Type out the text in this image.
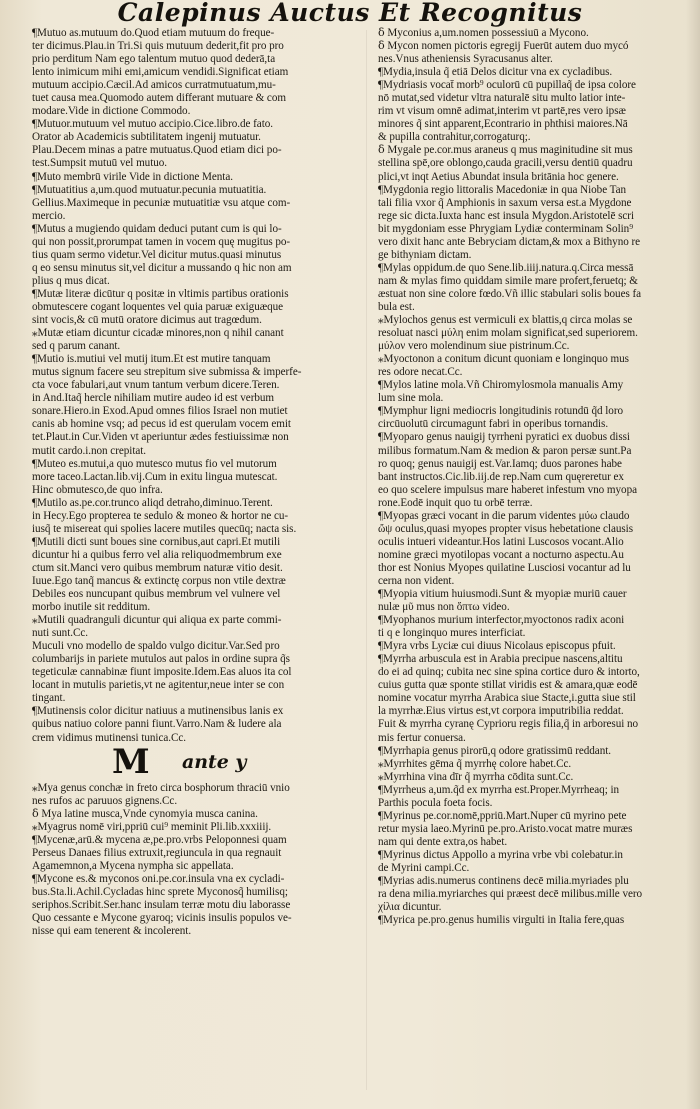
Calepinus Auctus Et Recognitus
¶Mutuo as.mutuum do.Quod etiam mutuum do freque-
ter dicimus.Plau.in Tri.Si quis mutuum dederit,fit pro pro
prio perditum Nam ego talentum mutuo quod dederā,ta
lento inimicum mihi emi,amicum vendidi.Significat etiam
mutuum accipio.Cæcil.Ad amicos curratmutuatum,mu-
tuet causa mea.Quomodo autem differant mutuare & com
modare.Vide in dictione Commodo.
¶Mutuor.mutuum vel mutuo accipio.Cice.libro.de fato.
Orator ab Academicis subtilitatem ingenij mutuatur.
Plau.Decem minas a patre mutuatus.Quod etiam dici po-
test.Sumpsit mutuū vel mutuo.
¶Muto membrū virile Vide in dictione Menta.
¶Mutuatitius a,um.quod mutuatur.pecunia mutuatitia.
Gellius.Maximeque in pecuniæ mutuatitiæ vsu atque com-
mercio.
¶Mutus a mugiendo quidam deduci putant cum is qui lo-
qui non possit,prorumpat tamen in vocem quę mugitus po-
tius quam sermo videtur.Vel dicitur mutus.quasi minutus
q eo sensu minutus sit,vel dicitur a mussando q hic non am
plius q mus dicat.
¶Mutæ literæ dicūtur q positæ in vltimis partibus orationis
obmutescere cogant loquentes vel quia paruæ exiguæque
sint vocis,& cū mutū oratore dicimus aut tragœdum.
⁎Mutæ etiam dicuntur cicadæ minores,non q nihil canant
sed q parum canant.
¶Mutio is.mutiui vel mutij itum.Et est mutire tanquam
mutus signum facere seu strepitum sive submissa & imperfe-
cta voce fabulari,aut vnum tantum verbum dicere.Teren.
in And.Itaq̃ hercle nihiliam mutire audeo id est verbum
sonare.Hiero.in Exod.Apud omnes filios Israel non mutiet
canis ab homine vsq; ad pecus id est querulam vocem emit
tet.Plaut.in Cur.Viden vt aperiuntur ædes festiuissimæ non
mutit cardo.i.non crepitat.
¶Muteo es.mutui,a quo mutesco mutus fio vel mutorum
more taceo.Lactan.lib.vij.Cum in exitu lingua mutescat.
Hinc obmutesco,de quo infra.
¶Mutilo as.pe.cor.trunco aliqd detraho,diminuo.Terent.
in Hecy.Ego propterea te sedulo & moneo & hortor ne cu-
iusq̃ te misereat qui spolies lacere mutiles quecūq; nacta sis.
¶Mutili dicti sunt boues sine cornibus,aut capri.Et mutili
dicuntur hi a quibus ferro vel alia reliquodmembrum exe
ctum sit.Manci vero quibus membrum naturæ vitio desit.
Iuue.Ego tanq̃ mancus & extinctę corpus non vtile dextræ
Debiles eos nuncupant quibus membrum vel vulnere vel
morbo inutile sit redditum.
⁎Mutili quadranguli dicuntur qui aliqua ex parte commi-
nuti sunt.Cc.
Muculi vno modello de spaldo vulgo dicitur.Var.Sed pro
columbarijs in pariete mutulos aut palos in ordine supra q̃s
tegeticulæ cannabinæ fiunt imposite.Idem.Eas aluos ita col
locant in mutulis parietis,vt ne agitentur,neue inter se con
tingant.
¶Mutinensis color dicitur natiuus a mutinensibus lanis ex
quibus natiuo colore panni fiunt.Varro.Nam & ludere ala
crem vidimus mutinensi tunica.Cc.
M ante y
⁎Mya genus conchæ in freto circa bosphorum thraciū vnio
nes rufos ac paruuos gignens.Cc.
ẟ Mya latine musca,Vnde cynomyia musca canina.
⁎Myagrus nomē viri,ppriū cui⁹ meminit Pli.lib.xxxiiij.
¶Mycenæ,arū.& mycena æ,pe.pro.vrbs Peloponnesi quam
Perseus Danaes filius extruxit,regiuncula in qua regnauit
Agamemnon,a Mycena nympha sic appellata.
¶Mycone es.& myconos oni.pe.cor.insula vna ex cycladi-
bus.Sta.li.Achil.Cycladas hinc sprete Myconosq̃ humilisq;
seriphos.Scribit.Ser.hanc insulam terræ motu diu laborasse
Quo cessante e Mycone gyaroq; vicinis insulis populos ve-
nisse qui eam tenerent & incolerent.
ẟ Myconius a,um.nomen possessiuū a Mycono.
ẟ Mycon nomen pictoris egregij Fuerūt autem duo mycó
nes.Vnus atheniensis Syracusanus alter.
¶Mydia,insula q̃ etiā Delos dicitur vna ex cycladibus.
¶Mydriasis vocat̄ morb⁹ oculorū cū pupillaq̃ de ipsa colore
nō mutat,sed videtur vltra naturalē situ multo latior inte-
rim vt visum omnē adimat,interim vt partē,res vero ipsæ
minores q̃ sint apparent,Econtrario in phthisi maiores.Nā
& pupilla contrahitur,corrogaturq;.
ẟ Mygale pe.cor.mus araneus q mus maginitudine sit mus
stellina spē,ore oblongo,cauda gracili,versu dentiū quadru
plici,vt inqt Aetius Abundat insula britānia hoc genere.
¶Mygdonia regio littoralis Macedoniæ in qua Niobe Tan
tali filia vxor q̃ Amphionis in saxum versa est.a Mygdone
rege sic dicta.Iuxta hanc est insula Mygdon.Aristotelē scri
bit mygdoniam esse Phrygiam Lydiæ conterminam Solin⁹
vero dixit hanc ante Bebryciam dictam,& mox a Bithyno re
ge bithyniam dictam.
¶Mylas oppidum.de quo Sene.lib.iiij.natura.q.Circa messā
nam & mylas fimo quiddam simile mare profert,feruetq; &
æstuat non sine colore fœdo.Vñ illic stabulari solis boues fa
bula est.
⁎Mylochos genus est vermiculi ex blattis,q circa molas se
resoluat nasci μύλη enim molam significat,sed superiorem.
μύλον vero molendinum siue pistrinum.Cc.
⁎Myoctonon a conitum dicunt quoniam e longinquo mus
res odore necat.Cc.
¶Mylos latine mola.Vñ Chiromylosmola manualis Amy
lum sine mola.
¶Mymphur ligni mediocris longitudinis rotundū q̃d loro
circūuolutū circumagunt fabri in operibus tornandis.
¶Myoparo genus nauigij tyrrheni pyratici ex duobus dissi
milibus formatum.Nam & medion & paron persæ sunt.Pa
ro quoq; genus nauigij est.Var.Iamq; duos parones habe
bant instructos.Cic.lib.iij.de rep.Nam cum quęreretur ex
eo quo scelere impulsus mare haberet infestum vno myopa
rone.Eodē inquit quo tu orbē terræ.
¶Myopas græci vocant in die parum videntes μύω claudo
ὤψ oculus,quasi myopes propter visus hebetatione clausis
oculis intueri videantur.Hos latini Luscosos vocant.Alio
nomine græci myotilopas vocant a nocturno aspectu.Au
thor est Nonius Myopes quilatine Lusciosi vocantur ad lu
cerna non vident.
¶Myopia vitium huiusmodi.Sunt & myopiæ muriū cauer
nulæ μῦ mus non ὄπτω video.
¶Myophanos murium interfector,myoctonos radix aconi
ti q e longinquo mures interficiat.
¶Myra vrbs Lyciæ cui diuus Nicolaus episcopus pfuit.
¶Myrrha arbuscula est in Arabia precipue nascens,altitu
do ei ad quinq; cubita nec sine spina cortice duro & intorto,
cuius gutta quæ sponte stillat viridis est & amara,quæ eodē
nomine vocatur myrrha Arabica siue Stacte,i.gutta siue stil
la myrrhæ.Eius virtus est,vt corpora imputribilia reddat.
Fuit & myrrha cyranę Cyprioru regis filia,q̃ in arboresui no
mis fertur conuersa.
¶Myrrhapia genus pirorū,q odore gratissimū reddant.
⁎Myrrhites gēma q̃ myrrhę colore habet.Cc.
⁎Myrrhina vina dīr q̃ myrrha cōdita sunt.Cc.
¶Myrrheus a,um.q̃d ex myrrha est.Proper.Myrrheaq; in
Parthis pocula foeta focis.
¶Myrinus pe.cor.nomē,ppriū.Mart.Nuper cū myrino pete
retur mysia laeo.Myrinū pe.pro.Aristo.vocat matre muræs
nam qui dente extra,os habet.
¶Myrinus dictus Appollo a myrina vrbe vbi colebatur.in
de Myrini campi.Cc.
¶Myrias adis.numerus continens decē milia.myriades plu
ra dena milia.myriarches qui præest decē milibus.mille vero
χίλια dicuntur.
¶Myrica pe.pro.genus humilis virgulti in Italia fere,quas
